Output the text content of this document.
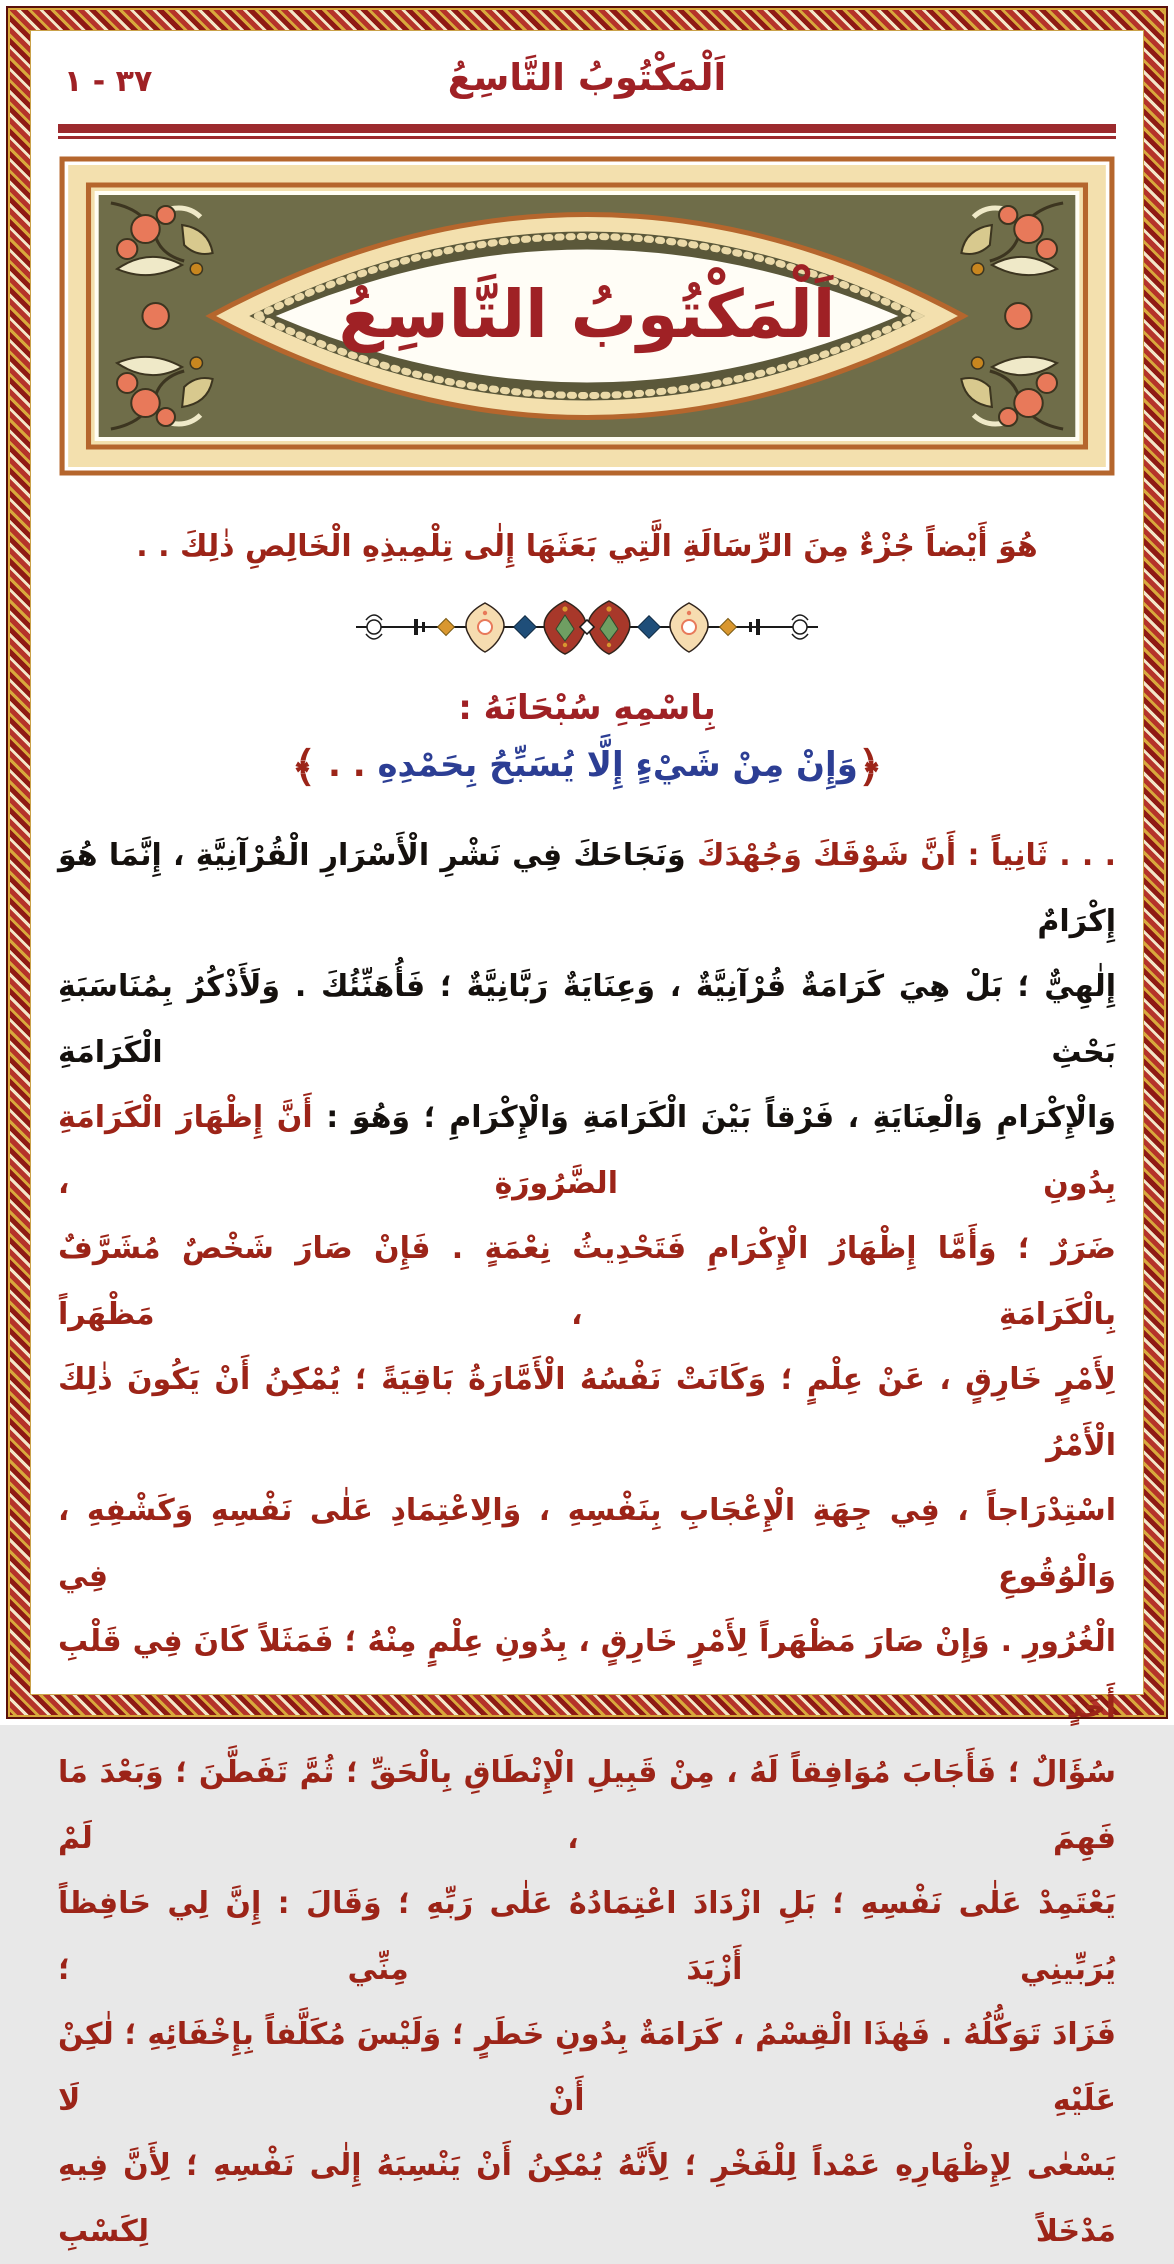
٣٧ - ١	اَلْمَكْتُوبُ التَّاسِعُ
اَلْمَكْتُوبُ التَّاسِعُ
هُوَ أَيْضاً جُزْءٌ مِنَ الرِّسَالَةِ الَّتِي بَعَثَهَا إِلٰى تِلْمِيذِهِ الْخَالِصِ ذٰلِكَ . .
بِاسْمِهِ سُبْحَانَهُ :
﴿وَإِنْ مِنْ شَيْءٍ إِلَّا يُسَبِّحُ بِحَمْدِهِ . . ﴾
. . . ثَانِياً : أَنَّ شَوْقَكَ وَجُهْدَكَ وَنَجَاحَكَ فِي نَشْرِ الْأَسْرَارِ الْقُرْآنِيَّةِ ، إِنَّمَا هُوَ إِكْرَامٌ
إِلٰهِيٌّ ؛ بَلْ هِيَ كَرَامَةٌ قُرْآنِيَّةٌ ، وَعِنَايَةٌ رَبَّانِيَّةٌ ؛ فَأُهَنِّئُكَ . وَلَأَذْكُرُ بِمُنَاسَبَةِ بَحْثِ الْكَرَامَةِ
وَالْإِكْرَامِ وَالْعِنَايَةِ ، فَرْقاً بَيْنَ الْكَرَامَةِ وَالْإِكْرَامِ ؛ وَهُوَ : أَنَّ إِظْهَارَ الْكَرَامَةِ بِدُونِ الضَّرُورَةِ ،
ضَرَرٌ ؛ وَأَمَّا إِظْهَارُ الْإِكْرَامِ فَتَحْدِيثُ نِعْمَةٍ . فَإِنْ صَارَ شَخْصٌ مُشَرَّفٌ بِالْكَرَامَةِ ، مَظْهَراً
لِأَمْرٍ خَارِقٍ ، عَنْ عِلْمٍ ؛ وَكَانَتْ نَفْسُهُ الْأَمَّارَةُ بَاقِيَةً ؛ يُمْكِنُ أَنْ يَكُونَ ذٰلِكَ الْأَمْرُ
اسْتِدْرَاجاً ، فِي جِهَةِ الْإِعْجَابِ بِنَفْسِهِ ، وَالِاعْتِمَادِ عَلٰى نَفْسِهِ وَكَشْفِهِ ، وَالْوُقُوعِ فِي
الْغُرُورِ . وَإِنْ صَارَ مَظْهَراً لِأَمْرٍ خَارِقٍ ، بِدُونِ عِلْمٍ مِنْهُ ؛ فَمَثَلاً كَانَ فِي قَلْبِ أَحَدٍ
سُؤَالٌ ؛ فَأَجَابَ مُوَافِقاً لَهُ ، مِنْ قَبِيلِ الْإِنْطَاقِ بِالْحَقِّ ؛ ثُمَّ تَفَطَّنَ ؛ وَبَعْدَ مَا فَهِمَ ، لَمْ
يَعْتَمِدْ عَلٰى نَفْسِهِ ؛ بَلِ ازْدَادَ اعْتِمَادُهُ عَلٰى رَبِّهِ ؛ وَقَالَ : إِنَّ لِي حَافِظاً يُرَبِّينِي أَزْيَدَ مِنِّي ؛
فَزَادَ تَوَكُّلُهُ . فَهٰذَا الْقِسْمُ ، كَرَامَةٌ بِدُونِ خَطَرٍ ؛ وَلَيْسَ مُكَلَّفاً بِإِخْفَائِهِ ؛ لٰكِنْ عَلَيْهِ أَنْ لَا
يَسْعٰى لِإِظْهَارِهِ عَمْداً لِلْفَخْرِ ؛ لِأَنَّهُ يُمْكِنُ أَنْ يَنْسِبَهُ إِلٰى نَفْسِهِ ؛ لِأَنَّ فِيهِ مَدْخَلاً لِكَسْبِ
